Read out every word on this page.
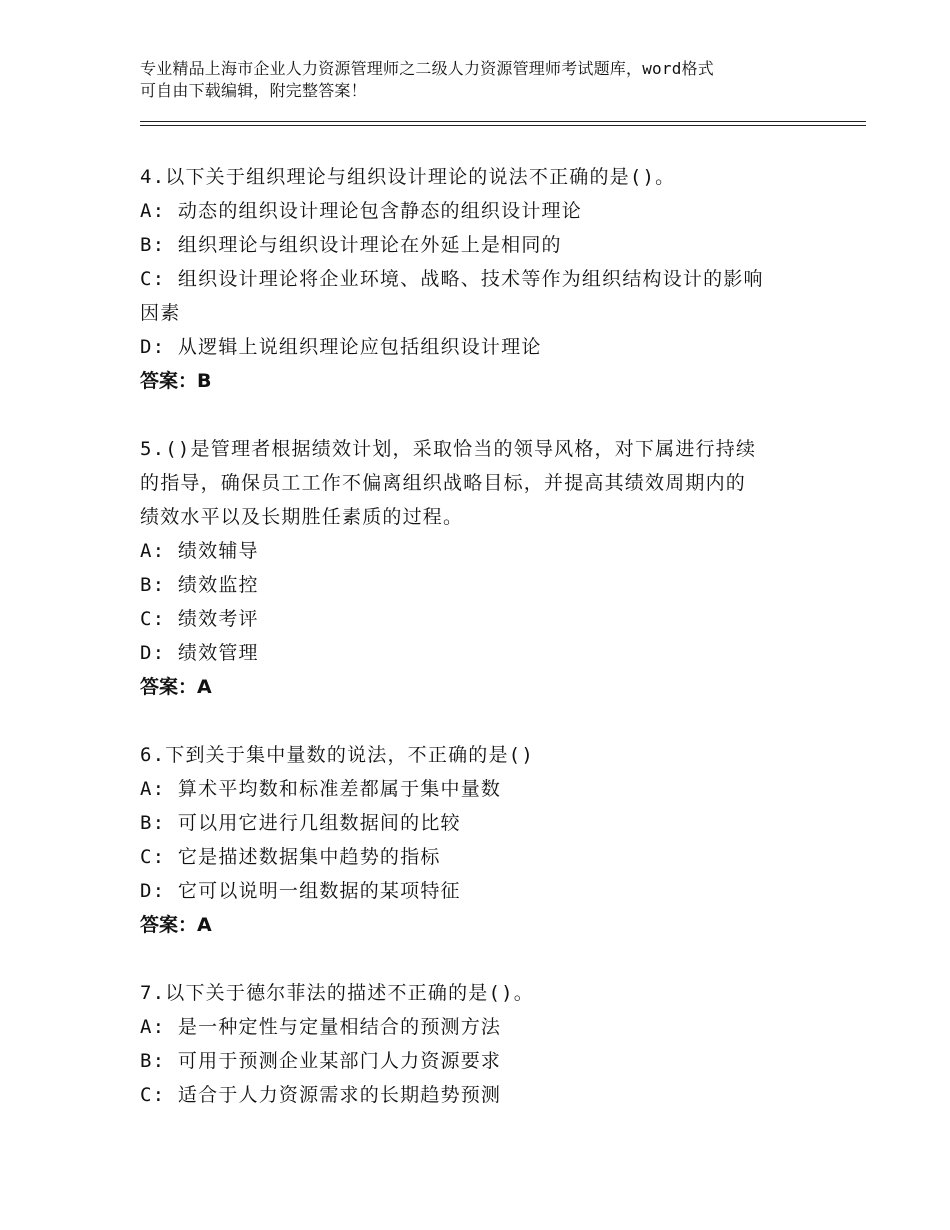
专业精品上海市企业人力资源管理师之二级人力资源管理师考试题库，word格式
可自由下载编辑，附完整答案！
4.以下关于组织理论与组织设计理论的说法不正确的是()。
A: 动态的组织设计理论包含静态的组织设计理论
B: 组织理论与组织设计理论在外延上是相同的
C: 组织设计理论将企业环境、战略、技术等作为组织结构设计的影响
因素
D: 从逻辑上说组织理论应包括组织设计理论
答案：B
5.()是管理者根据绩效计划，采取恰当的领导风格，对下属进行持续
的指导，确保员工工作不偏离组织战略目标，并提高其绩效周期内的
绩效水平以及长期胜任素质的过程。
A: 绩效辅导
B: 绩效监控
C: 绩效考评
D: 绩效管理
答案：A
6.下到关于集中量数的说法，不正确的是()
A: 算术平均数和标准差都属于集中量数
B: 可以用它进行几组数据间的比较
C: 它是描述数据集中趋势的指标
D: 它可以说明一组数据的某项特征
答案：A
7.以下关于德尔菲法的描述不正确的是()。
A: 是一种定性与定量相结合的预测方法
B: 可用于预测企业某部门人力资源要求
C: 适合于人力资源需求的长期趋势预测
